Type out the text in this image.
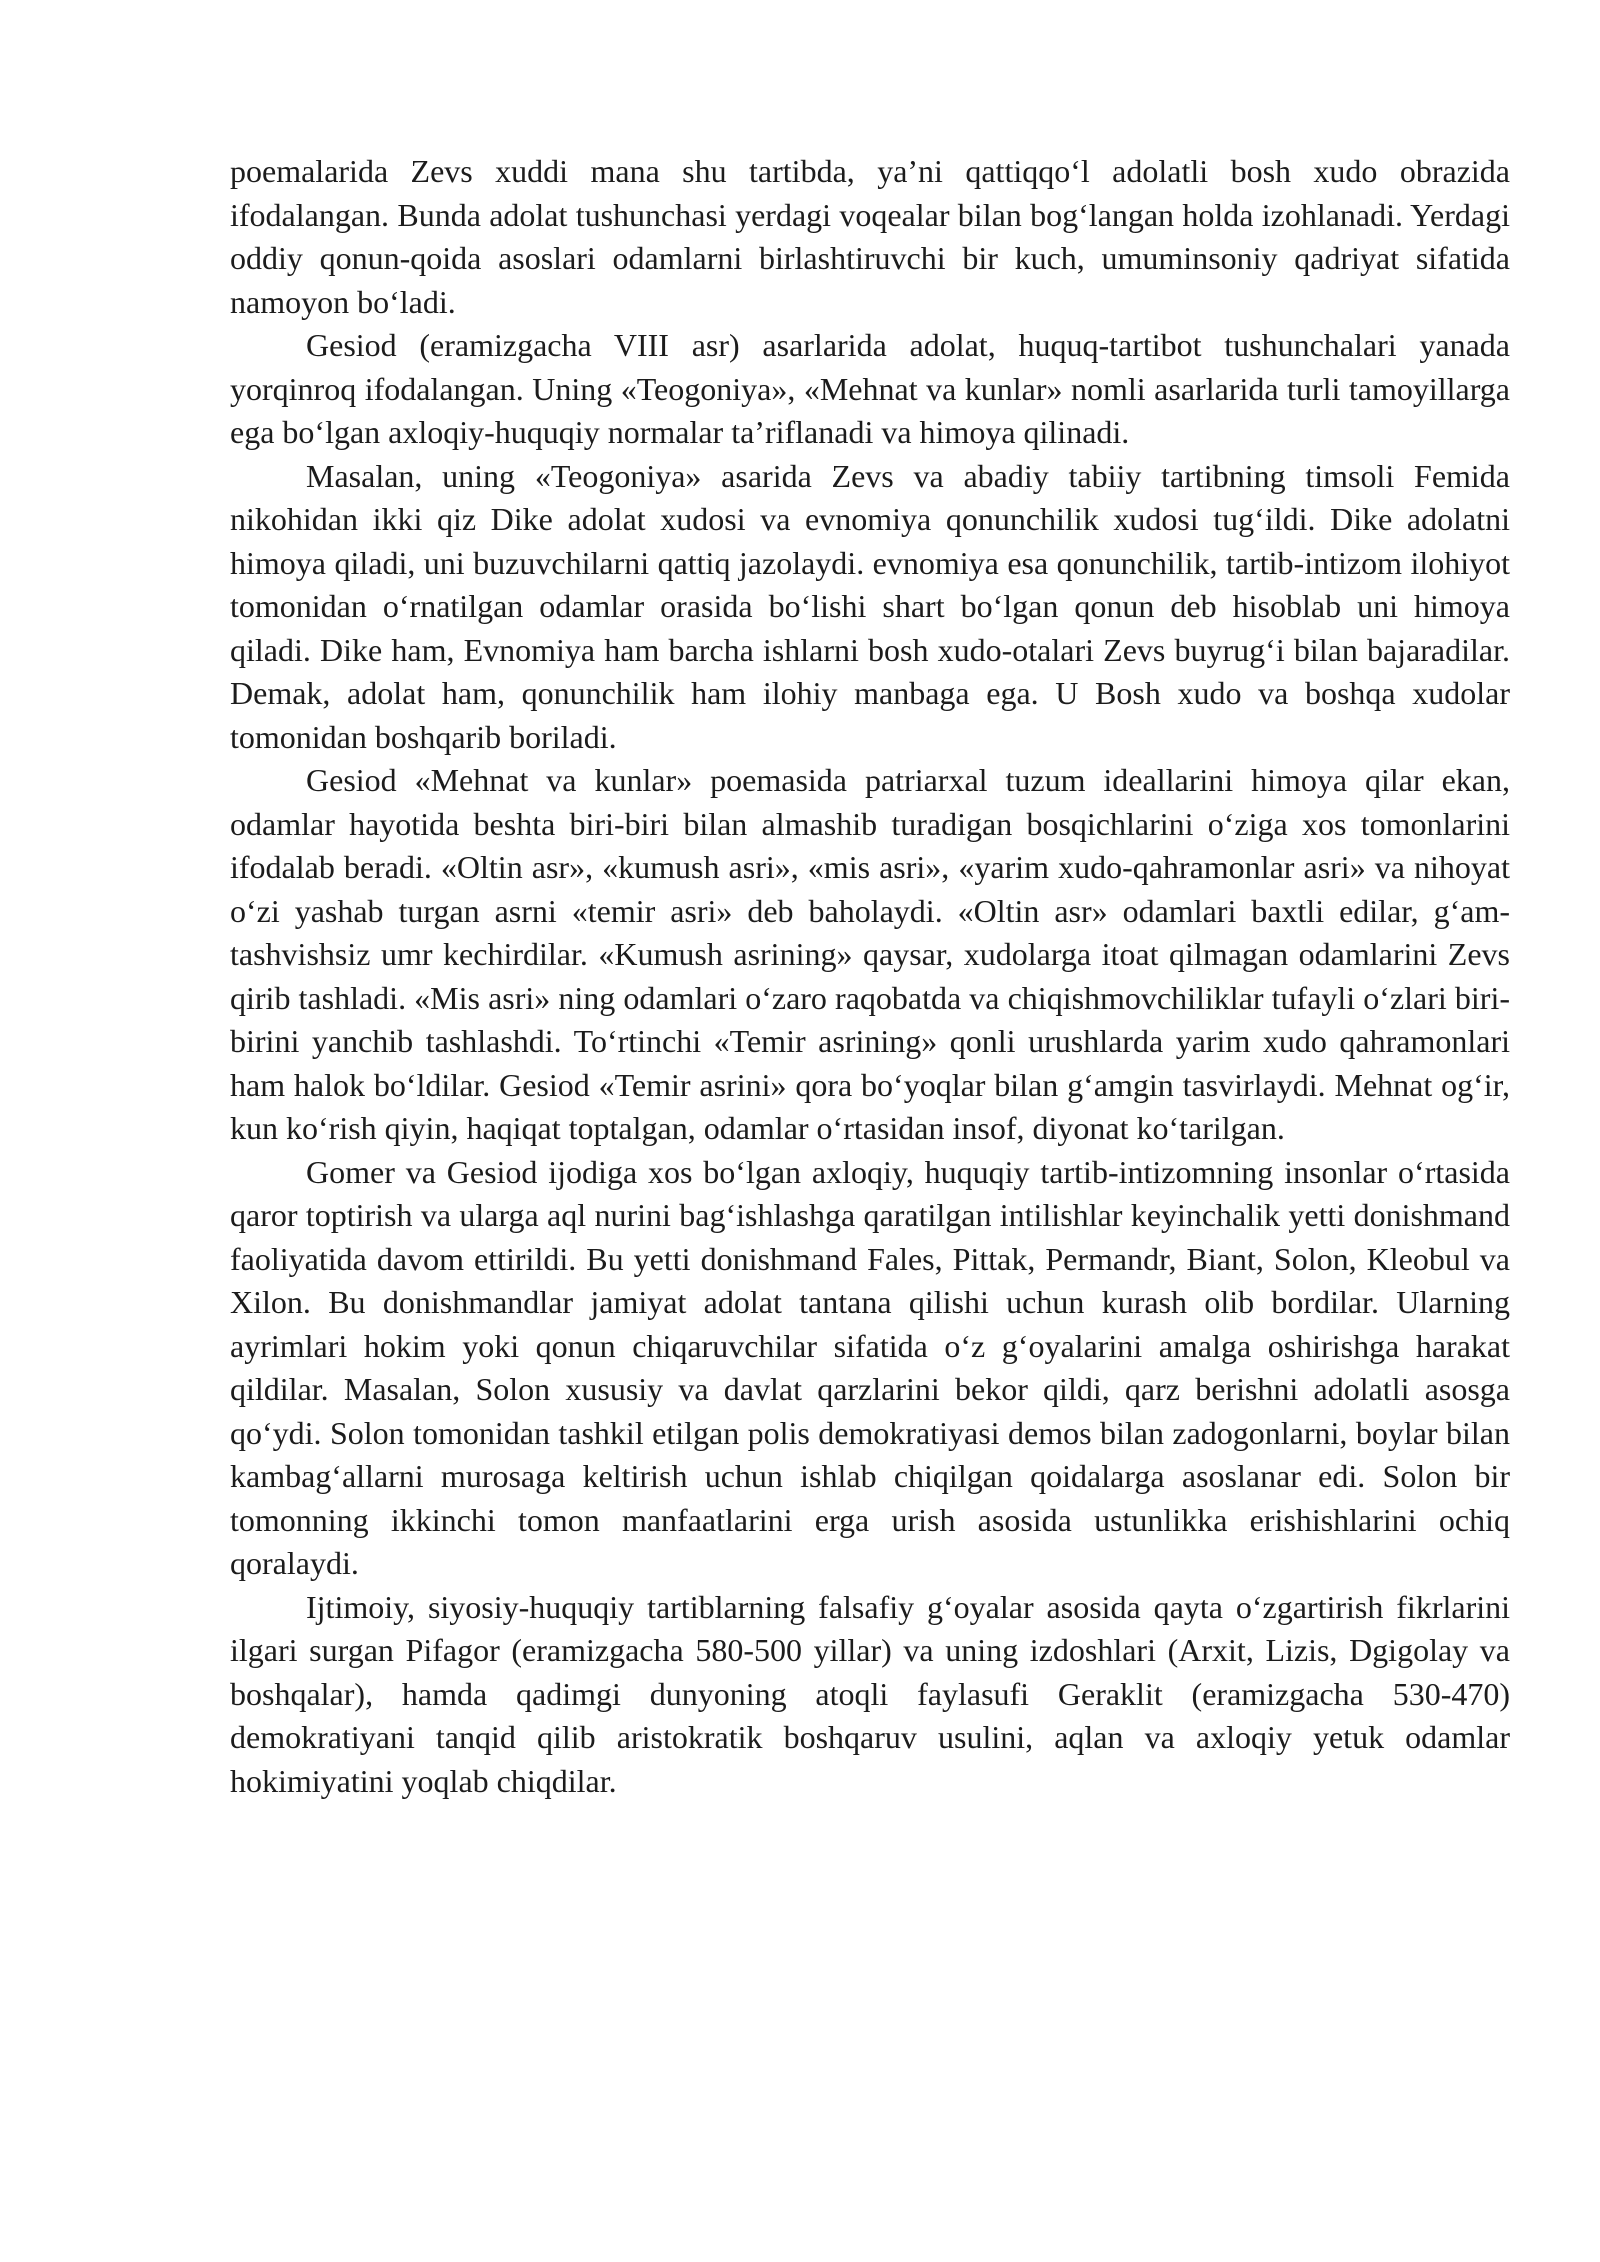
poemalarida Zevs xuddi mana shu tartibda, ya’ni qattiqqo‘l adolatli bosh xudo obrazida ifodalangan. Bunda adolat tushunchasi yerdagi voqealar bilan bog‘langan holda izohlanadi. Yerdagi oddiy qonun-qoida asoslari odamlarni birlashtiruvchi bir kuch, umuminsoniy qadriyat sifatida namoyon bo‘ladi.

Gesiod (eramizgacha VIII asr) asarlarida adolat, huquq-tartibot tushunchalari yanada yorqinroq ifodalangan. Uning «Teogoniya», «Mehnat va kunlar» nomli asarlarida turli tamoyillarga ega bo‘lgan axloqiy-huquqiy normalar ta’riflanadi va himoya qilinadi.

Masalan, uning «Teogoniya» asarida Zevs va abadiy tabiiy tartibning timsoli Femida nikohidan ikki qiz Dike adolat xudosi va evnomiya qonunchilik xudosi tug‘ildi. Dike adolatni himoya qiladi, uni buzuvchilarni qattiq jazolaydi. evnomiya esa qonunchilik, tartib-intizom ilohiyot tomonidan o‘rnatilgan odamlar orasida bo‘lishi shart bo‘lgan qonun deb hisoblab uni himoya qiladi. Dike ham, Evnomiya ham barcha ishlarni bosh xudo-otalari Zevs buyrug‘i bilan bajaradilar. Demak, adolat ham, qonunchilik ham ilohiy manbaga ega. U Bosh xudo va boshqa xudolar tomonidan boshqarib boriladi.

Gesiod «Mehnat va kunlar» poemasida patriarxal tuzum ideallarini himoya qilar ekan, odamlar hayotida beshta biri-biri bilan almashib turadigan bosqichlarini o‘ziga xos tomonlarini ifodalab beradi. «Oltin asr», «kumush asri», «mis asri», «yarim xudo-qahramonlar asri» va nihoyat o‘zi yashab turgan asrni «temir asri» deb baholaydi. «Oltin asr» odamlari baxtli edilar, g‘am-tashvishsiz umr kechirdilar. «Kumush asrining» qaysar, xudolarga itoat qilmagan odamlarini Zevs qirib tashladi. «Mis asri» ning odamlari o‘zaro raqobatda va chiqishmovchiliklar tufayli o‘zlari biri-birini yanchib tashlashdi. To‘rtinchi «Temir asrining» qonli urushlarda yarim xudo qahramonlari ham halok bo‘ldilar. Gesiod «Temir asrini» qora bo‘yoqlar bilan g‘amgin tasvirlaydi. Mehnat og‘ir, kun ko‘rish qiyin, haqiqat toptalgan, odamlar o‘rtasidan insof, diyonat ko‘tarilgan.

Gomer va Gesiod ijodiga xos bo‘lgan axloqiy, huquqiy tartib-intizomning insonlar o‘rtasida qaror toptirish va ularga aql nurini bag‘ishlashga qaratilgan intilishlar keyinchalik yetti donishmand faoliyatida davom ettirildi. Bu yetti donishmand Fales, Pittak, Permandr, Biant, Solon, Kleobul va Xilon. Bu donishmandlar jamiyat adolat tantana qilishi uchun kurash olib bordilar. Ularning ayrimlari hokim yoki qonun chiqaruvchilar sifatida o‘z g‘oyalarini amalga oshirishga harakat qildilar. Masalan, Solon xususiy va davlat qarzlarini bekor qildi, qarz berishni adolatli asosga qo‘ydi. Solon tomonidan tashkil etilgan polis demokratiyasi demos bilan zadogonlarni, boylar bilan kambag‘allarni murosaga keltirish uchun ishlab chiqilgan qoidalarga asoslanar edi. Solon bir tomonning ikkinchi tomon manfaatlarini erga urish asosida ustunlikka erishishlarini ochiq qoralaydi.

Ijtimoiy, siyosiy-huquqiy tartiblarning falsafiy g‘oyalar asosida qayta o‘zgartirish fikrlarini ilgari surgan Pifagor (eramizgacha 580-500 yillar) va uning izdoshlari (Arxit, Lizis, Dgigolay va boshqalar), hamda qadimgi dunyoning atoqli faylasufi Geraklit (eramizgacha 530-470) demokratiyani tanqid qilib aristokratik boshqaruv usulini, aqlan va axloqiy yetuk odamlar hokimiyatini yoqlab chiqdilar.
